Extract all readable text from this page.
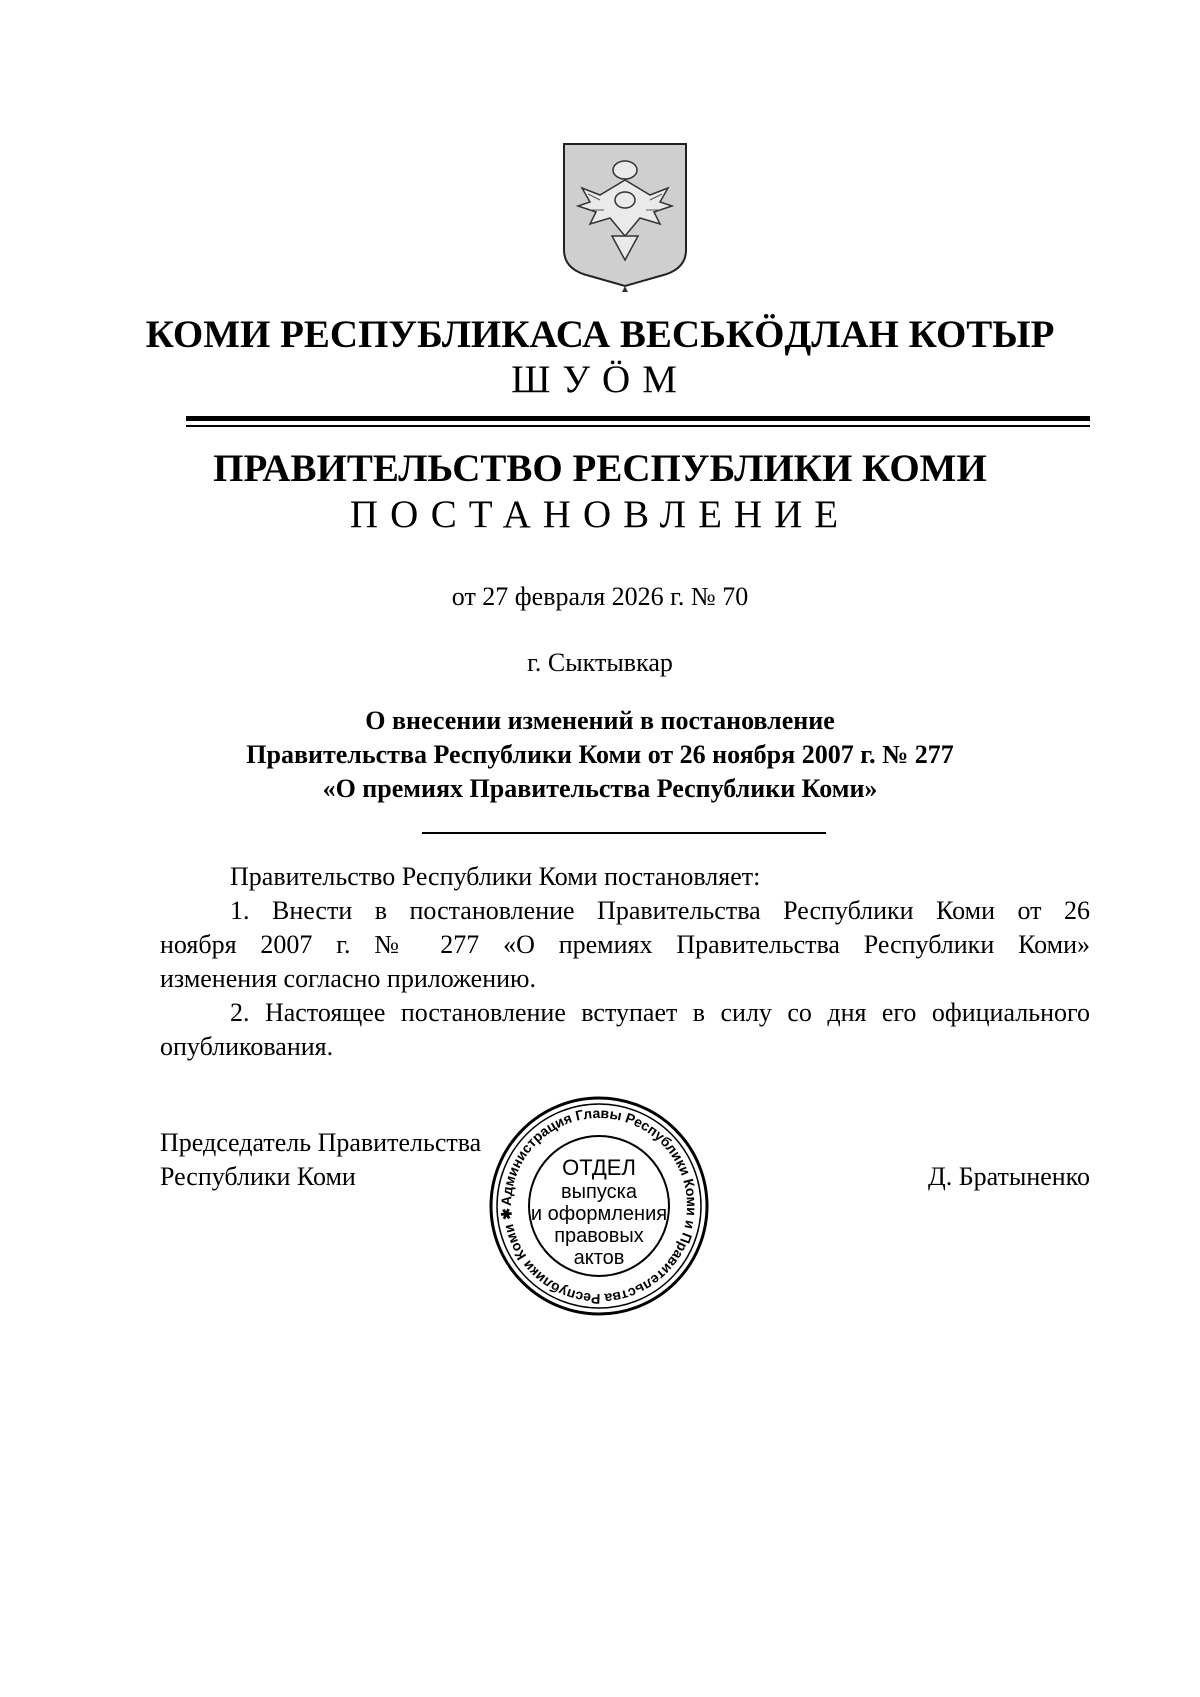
КОМИ РЕСПУБЛИКАСА ВЕСЬКÖДЛАН КОТЫР
ШУÖМ
ПРАВИТЕЛЬСТВО РЕСПУБЛИКИ КОМИ
ПОСТАНОВЛЕНИЕ
от 27 февраля 2026 г. № 70
г. Сыктывкар
О внесении изменений в постановление
Правительства Республики Коми от 26 ноября 2007 г. № 277
«О премиях Правительства Республики Коми»
Правительство Республики Коми постановляет:
1. Внести в постановление Правительства Республики Коми от 26
ноября 2007 г. № 277 «О премиях Правительства Республики Коми»
изменения согласно приложению.
2. Настоящее постановление вступает в силу со дня его официального
опубликования.
Председатель Правительства
Республики Коми	Д. Братыненко
Администрация Главы Республики Коми и Правительства Республики Коми ✱
ОТДЕЛ
выпуска
и оформления
правовых
актов
